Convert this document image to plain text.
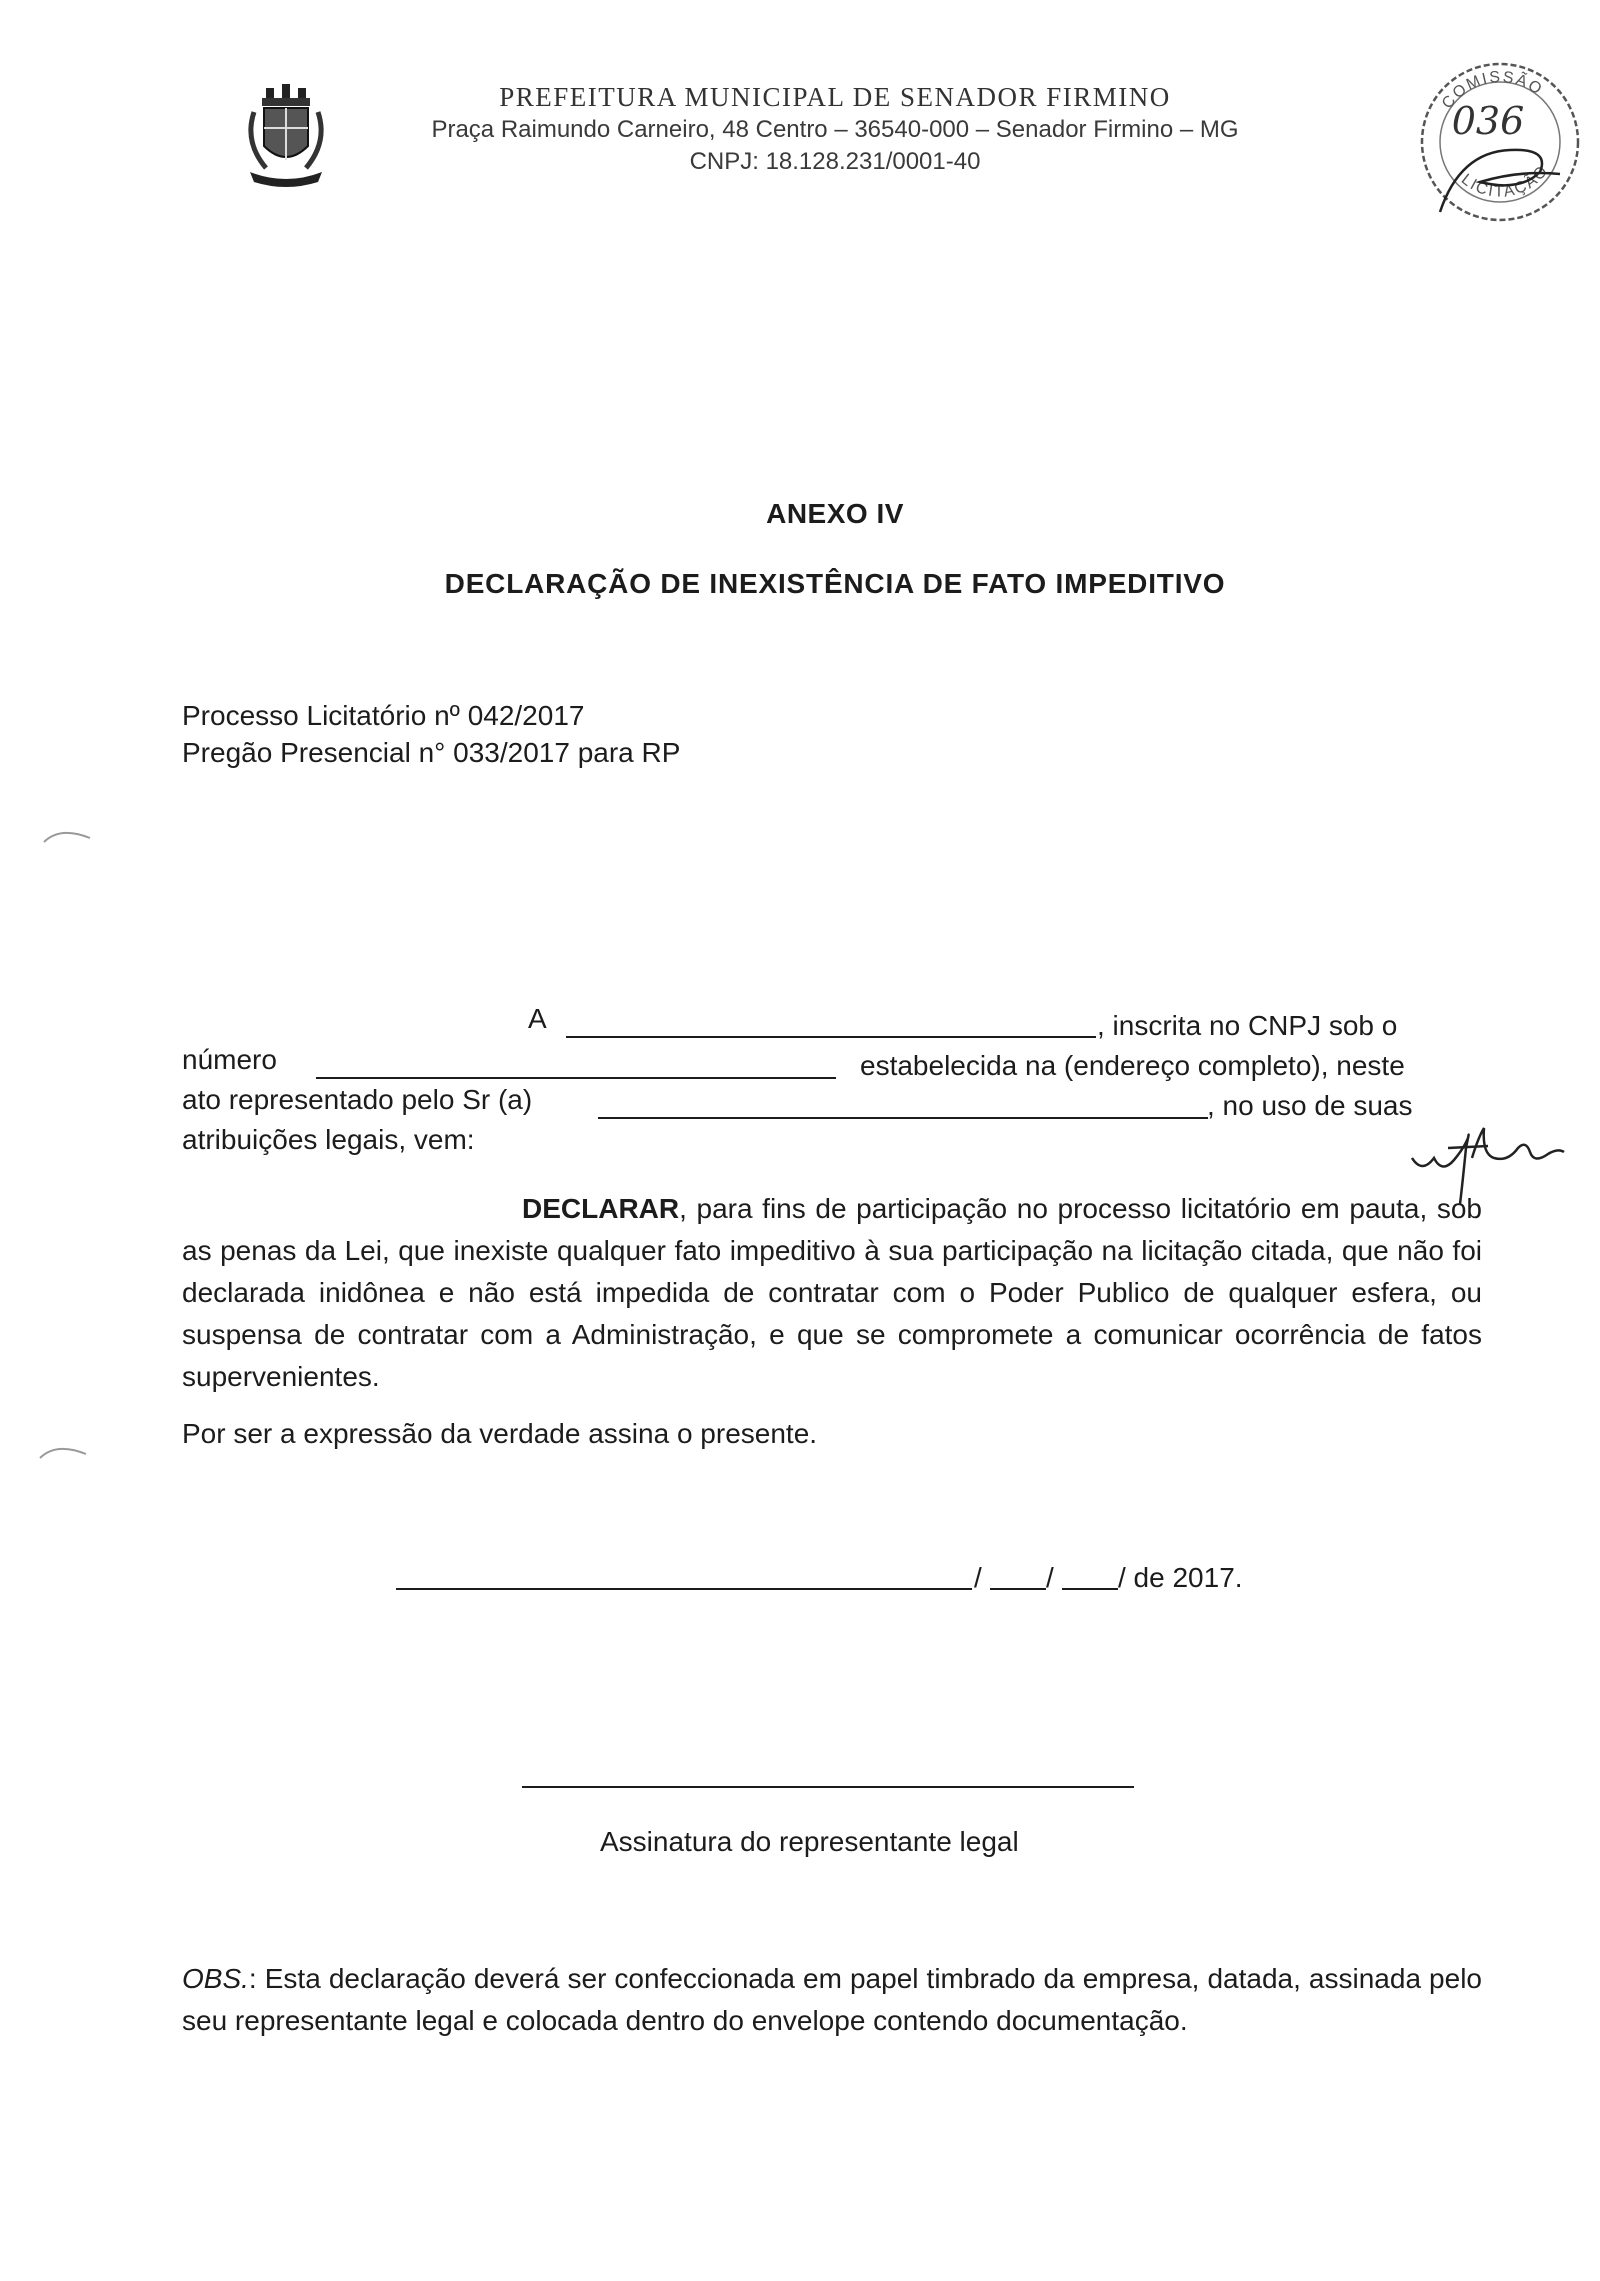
PREFEITURA MUNICIPAL DE SENADOR FIRMINO
Praça Raimundo Carneiro, 48 Centro – 36540-000 – Senador Firmino – MG
CNPJ: 18.128.231/0001-40
COMISSÃO
LICITAÇÃO
036
ANEXO IV
DECLARAÇÃO DE INEXISTÊNCIA DE FATO IMPEDITIVO
Processo Licitatório nº 042/2017
Pregão Presencial n° 033/2017 para RP
A	, inscrita no CNPJ sob o
número	estabelecida na (endereço completo), neste
ato representado pelo Sr (a)	, no uso de suas
atribuições legais, vem:
DECLARAR, para fins de participação no processo licitatório em pauta, sob as penas da Lei, que inexiste qualquer fato impeditivo à sua participação na licitação citada, que não foi declarada inidônea e não está impedida de contratar com o Poder Publico de qualquer esfera, ou suspensa de contratar com a Administração, e que se compromete a comunicar ocorrência de fatos supervenientes.
Por ser a expressão da verdade assina o presente.
/ / / de 2017.
Assinatura do representante legal
OBS.: Esta declaração deverá ser confeccionada em papel timbrado da empresa, datada, assinada pelo seu representante legal e colocada dentro do envelope contendo documentação.
